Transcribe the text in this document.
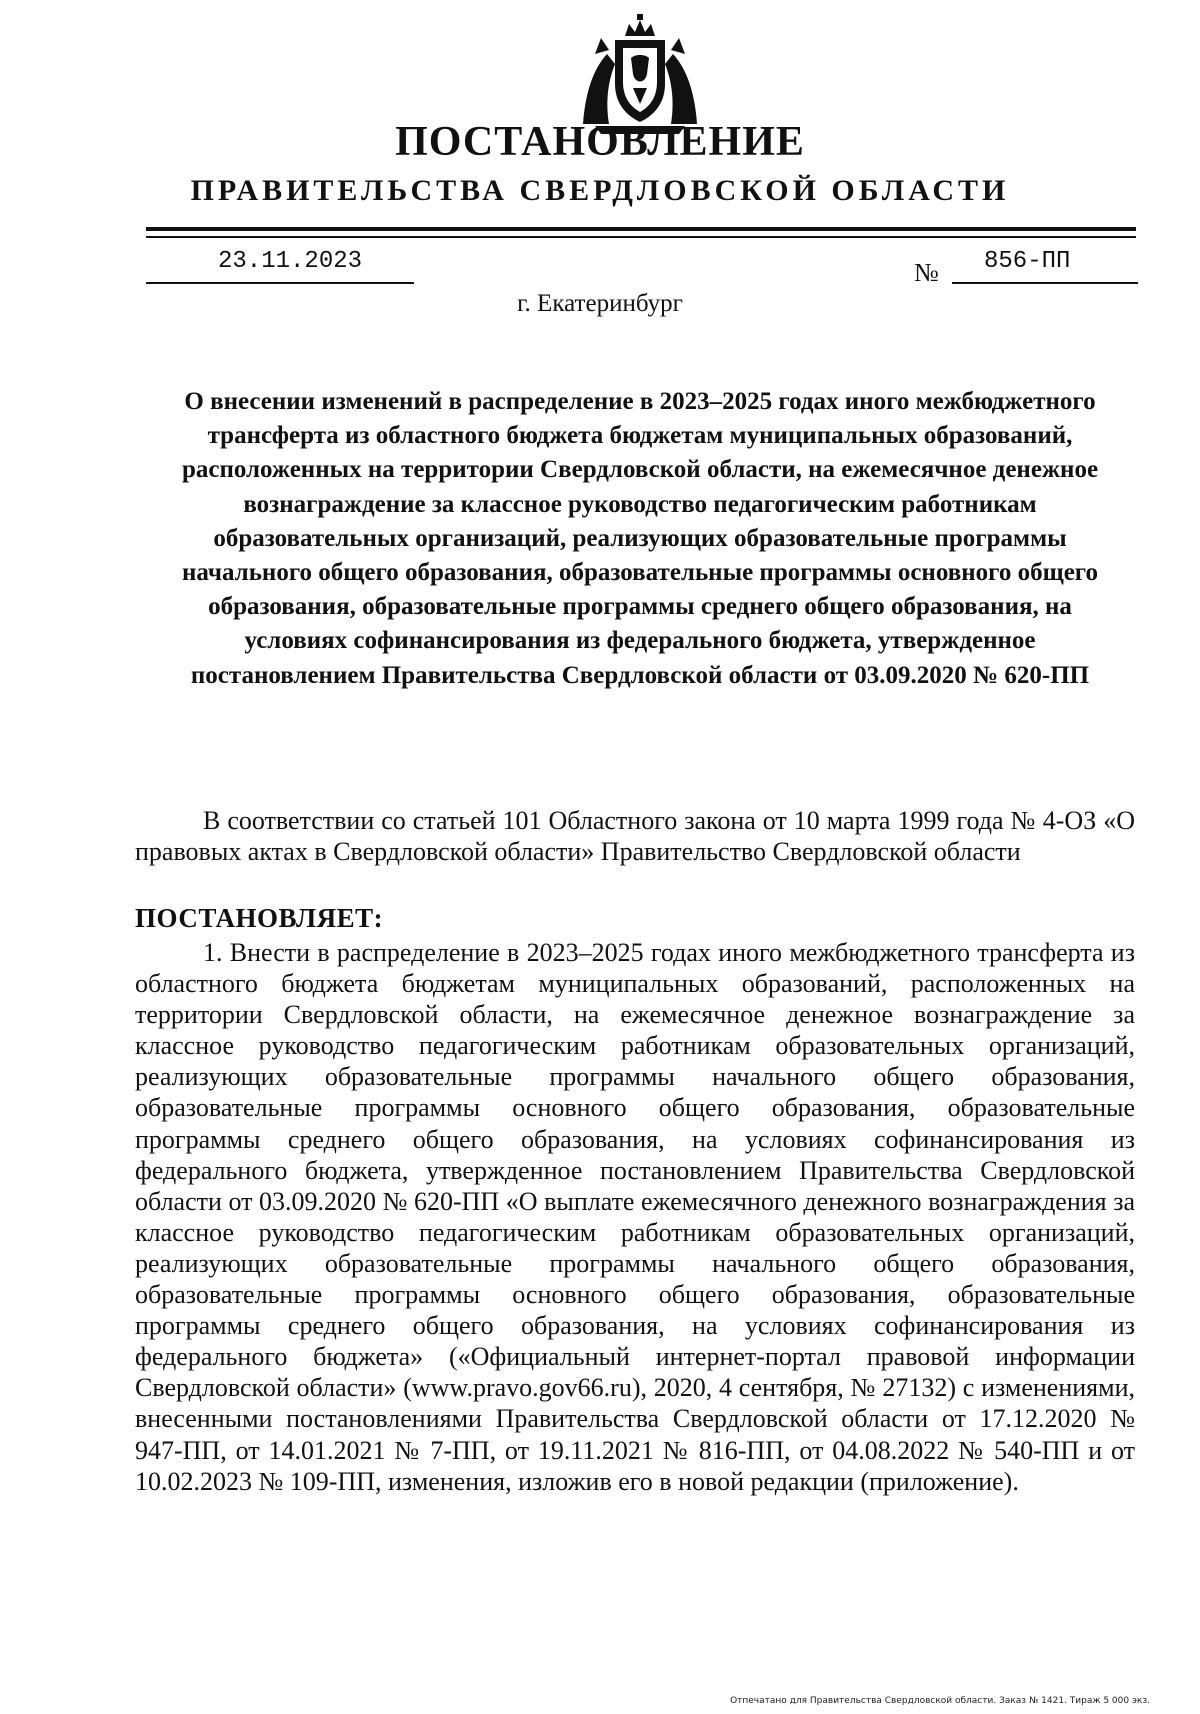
ПОСТАНОВЛЕНИЕ
ПРАВИТЕЛЬСТВА СВЕРДЛОВСКОЙ ОБЛАСТИ
23.11.2023	№ 856-ПП
г. Екатеринбург
О внесении изменений в распределение в 2023–2025 годах иного межбюджетного трансферта из областного бюджета бюджетам муниципальных образований, расположенных на территории Свердловской области, на ежемесячное денежное вознаграждение за классное руководство педагогическим работникам образовательных организаций, реализующих образовательные программы начального общего образования, образовательные программы основного общего образования, образовательные программы среднего общего образования, на условиях софинансирования из федерального бюджета, утвержденное постановлением Правительства Свердловской области от 03.09.2020 № 620-ПП
В соответствии со статьей 101 Областного закона от 10 марта 1999 года № 4-ОЗ «О правовых актах в Свердловской области» Правительство Свердловской области
ПОСТАНОВЛЯЕТ:
1. Внести в распределение в 2023–2025 годах иного межбюджетного трансферта из областного бюджета бюджетам муниципальных образований, расположенных на территории Свердловской области, на ежемесячное денежное вознаграждение за классное руководство педагогическим работникам образовательных организаций, реализующих образовательные программы начального общего образования, образовательные программы основного общего образования, образовательные программы среднего общего образования, на условиях софинансирования из федерального бюджета, утвержденное постановлением Правительства Свердловской области от 03.09.2020 № 620-ПП «О выплате ежемесячного денежного вознаграждения за классное руководство педагогическим работникам образовательных организаций, реализующих образовательные программы начального общего образования, образовательные программы основного общего образования, образовательные программы среднего общего образования, на условиях софинансирования из федерального бюджета» («Официальный интернет-портал правовой информации Свердловской области» (www.pravo.gov66.ru), 2020, 4 сентября, № 27132) с изменениями, внесенными постановлениями Правительства Свердловской области от 17.12.2020 № 947-ПП, от 14.01.2021 № 7-ПП, от 19.11.2021 № 816-ПП, от 04.08.2022 № 540-ПП и от 10.02.2023 № 109-ПП, изменения, изложив его в новой редакции (приложение).
Отпечатано для Правительства Свердловской области. Заказ № 1421. Тираж 5 000 экз.
